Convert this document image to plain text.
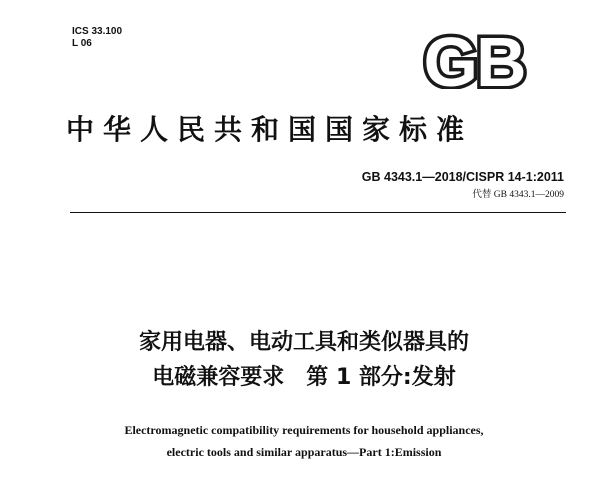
ICS 33.100
L 06	GB
中华人民共和国国家标准
GB 4343.1—2018/CISPR 14-1:2011
代替 GB 4343.1—2009
家用电器、电动工具和类似器具的
电磁兼容要求　第 1 部分:发射
Electromagnetic compatibility requirements for household appliances,
electric tools and similar apparatus—Part 1:Emission
